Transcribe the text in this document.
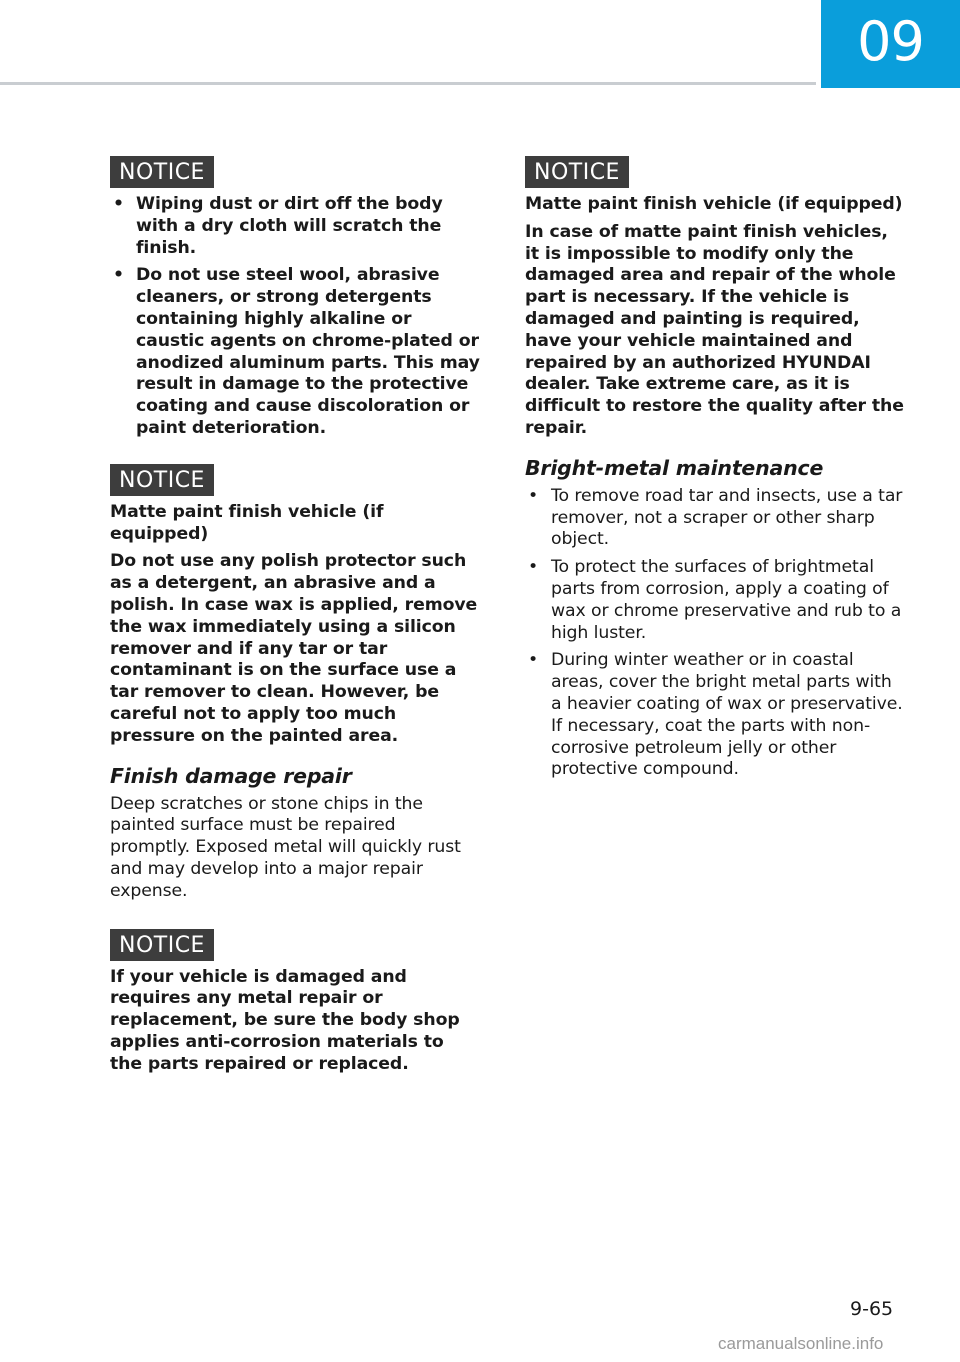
09
NOTICE
• Wiping dust or dirt off the body with a dry cloth will scratch the finish.
• Do not use steel wool, abrasive cleaners, or strong detergents containing highly alkaline or caustic agents on chrome-plated or anodized aluminum parts. This may result in damage to the protective coating and cause discoloration or paint deterioration.
NOTICE

Matte paint finish vehicle (if equipped)

Do not use any polish protector such as a detergent, an abrasive and a polish. In case wax is applied, remove the wax immediately using a silicon remover and if any tar or tar contaminant is on the surface use a tar remover to clean. However, be careful not to apply too much pressure on the painted area.

Finish damage repair

Deep scratches or stone chips in the painted surface must be repaired promptly. Exposed metal will quickly rust and may develop into a major repair expense.

NOTICE

If your vehicle is damaged and requires any metal repair or replacement, be sure the body shop applies anti-corrosion materials to the parts repaired or replaced.

NOTICE

Matte paint finish vehicle (if equipped)

In case of matte paint finish vehicles, it is impossible to modify only the damaged area and repair of the whole part is necessary. If the vehicle is damaged and painting is required, have your vehicle maintained and repaired by an authorized HYUNDAI dealer. Take extreme care, as it is difficult to restore the quality after the repair.

Bright-metal maintenance
• To remove road tar and insects, use a tar remover, not a scraper or other sharp object.
• To protect the surfaces of brightmetal parts from corrosion, apply a coating of wax or chrome preservative and rub to a high luster.
• During winter weather or in coastal areas, cover the bright metal parts with a heavier coating of wax or preservative. If necessary, coat the parts with non-corrosive petroleum jelly or other protective compound.
9-65
carmanualsonline.info
